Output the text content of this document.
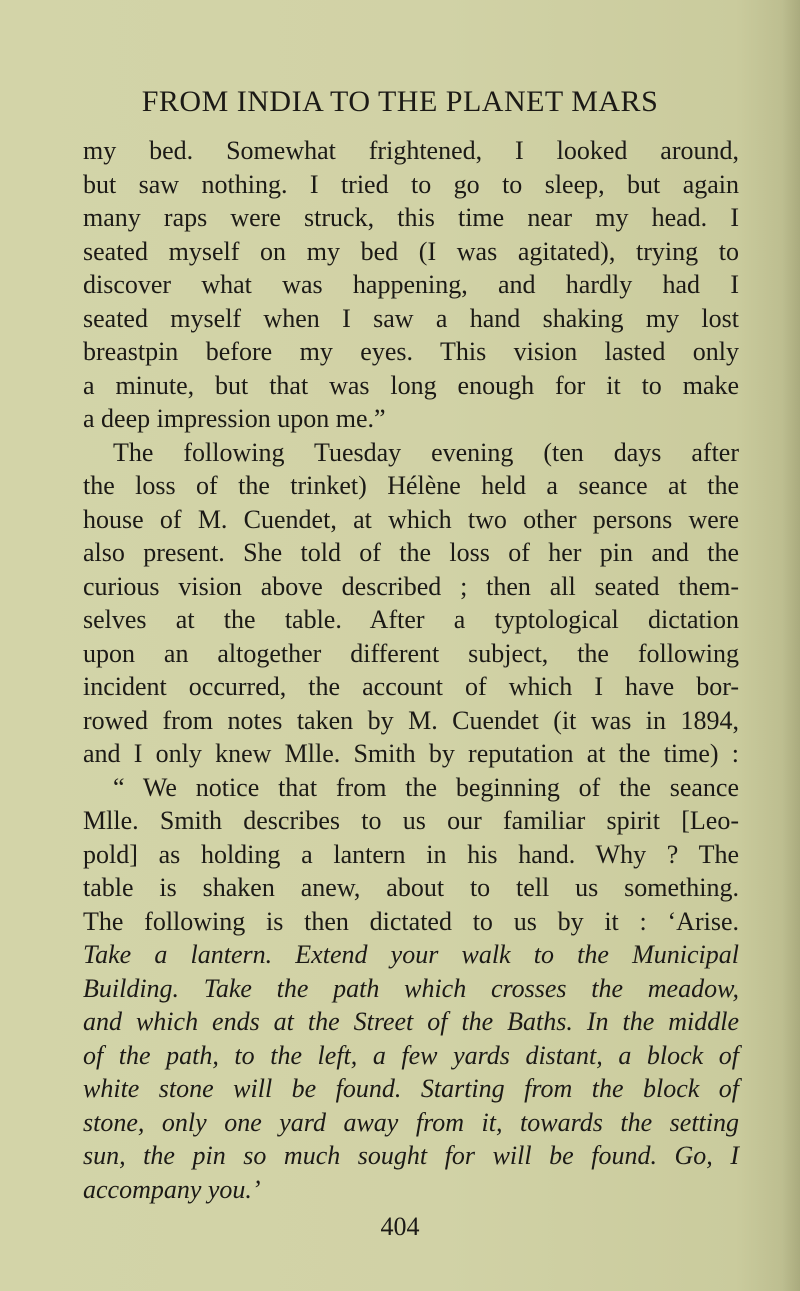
FROM INDIA TO THE PLANET MARS
my bed. Somewhat frightened, I looked around,
but saw nothing. I tried to go to sleep, but again
many raps were struck, this time near my head. I
seated myself on my bed (I was agitated), trying to
discover what was happening, and hardly had I
seated myself when I saw a hand shaking my lost
breastpin before my eyes. This vision lasted only
a minute, but that was long enough for it to make
a deep impression upon me.”
The following Tuesday evening (ten days after
the loss of the trinket) Hélène held a seance at the
house of M. Cuendet, at which two other persons were
also present. She told of the loss of her pin and the
curious vision above described ; then all seated them-
selves at the table. After a typtological dictation
upon an altogether different subject, the following
incident occurred, the account of which I have bor-
rowed from notes taken by M. Cuendet (it was in 1894,
and I only knew Mlle. Smith by reputation at the time) :
“ We notice that from the beginning of the seance
Mlle. Smith describes to us our familiar spirit [Leo-
pold] as holding a lantern in his hand. Why ? The
table is shaken anew, about to tell us something.
The following is then dictated to us by it : ‘Arise.
Take a lantern. Extend your walk to the Municipal
Building. Take the path which crosses the meadow,
and which ends at the Street of the Baths. In the middle
of the path, to the left, a few yards distant, a block of
white stone will be found. Starting from the block of
stone, only one yard away from it, towards the setting
sun, the pin so much sought for will be found. Go, I
accompany you.’
404
